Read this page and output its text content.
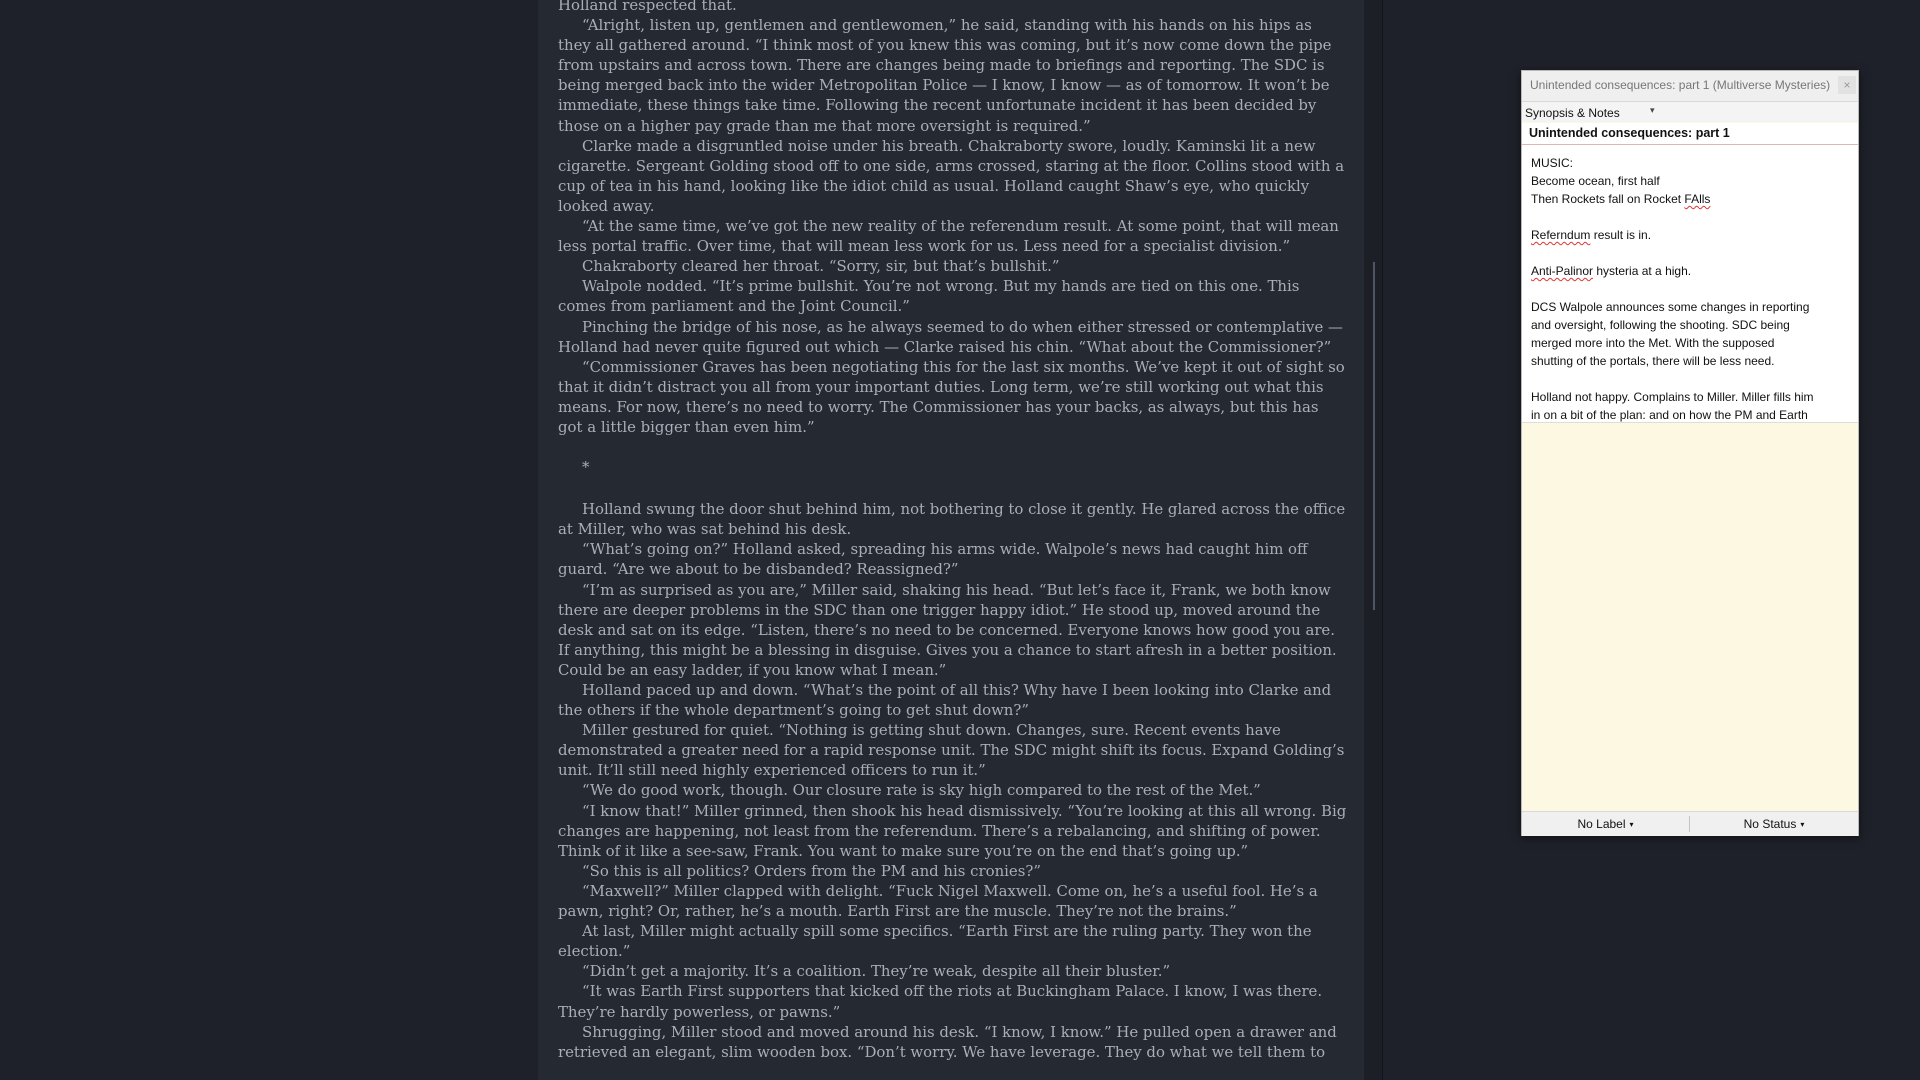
Holland respected that.

“Alright, listen up, gentlemen and gentlewomen,” he said, standing with his hands on his hips as they all gathered around. “I think most of you knew this was coming, but it’s now come down the pipe from upstairs and across town. There are changes being made to briefings and reporting. The SDC is being merged back into the wider Metropolitan Police — I know, I know — as of tomorrow. It won’t be immediate, these things take time. Following the recent unfortunate incident it has been decided by those on a higher pay grade than me that more oversight is required.”

Clarke made a disgruntled noise under his breath. Chakraborty swore, loudly. Kaminski lit a new cigarette. Sergeant Golding stood off to one side, arms crossed, staring at the floor. Collins stood with a cup of tea in his hand, looking like the idiot child as usual. Holland caught Shaw’s eye, who quickly looked away.

“At the same time, we’ve got the new reality of the referendum result. At some point, that will mean less portal traffic. Over time, that will mean less work for us. Less need for a specialist division.”

Chakraborty cleared her throat. “Sorry, sir, but that’s bullshit.”

Walpole nodded. “It’s prime bullshit. You’re not wrong. But my hands are tied on this one. This comes from parliament and the Joint Council.”

Pinching the bridge of his nose, as he always seemed to do when either stressed or contemplative — Holland had never quite figured out which — Clarke raised his chin. “What about the Commissioner?”

“Commissioner Graves has been negotiating this for the last six months. We’ve kept it out of sight so that it didn’t distract you all from your important duties. Long term, we’re still working out what this means. For now, there’s no need to worry. The Commissioner has your backs, as always, but this has got a little bigger than even him.”

*

Holland swung the door shut behind him, not bothering to close it gently. He glared across the office at Miller, who was sat behind his desk.

“What’s going on?” Holland asked, spreading his arms wide. Walpole’s news had caught him off guard. “Are we about to be disbanded? Reassigned?”

“I’m as surprised as you are,” Miller said, shaking his head. “But let’s face it, Frank, we both know there are deeper problems in the SDC than one trigger happy idiot.” He stood up, moved around the desk and sat on its edge. “Listen, there’s no need to be concerned. Everyone knows how good you are. If anything, this might be a blessing in disguise. Gives you a chance to start afresh in a better position. Could be an easy ladder, if you know what I mean.”

Holland paced up and down. “What’s the point of all this? Why have I been looking into Clarke and the others if the whole department’s going to get shut down?”

Miller gestured for quiet. “Nothing is getting shut down. Changes, sure. Recent events have demonstrated a greater need for a rapid response unit. The SDC might shift its focus. Expand Golding’s unit. It’ll still need highly experienced officers to run it.”

“We do good work, though. Our closure rate is sky high compared to the rest of the Met.”

“I know that!” Miller grinned, then shook his head dismissively. “You’re looking at this all wrong. Big changes are happening, not least from the referendum. There’s a rebalancing, and shifting of power. Think of it like a see-saw, Frank. You want to make sure you’re on the end that’s going up.”

“So this is all politics? Orders from the PM and his cronies?”

“Maxwell?” Miller clapped with delight. “Fuck Nigel Maxwell. Come on, he’s a useful fool. He’s a pawn, right? Or, rather, he’s a mouth. Earth First are the muscle. They’re not the brains.”

At last, Miller might actually spill some specifics. “Earth First are the ruling party. They won the election.”

“Didn’t get a majority. It’s a coalition. They’re weak, despite all their bluster.”

“It was Earth First supporters that kicked off the riots at Buckingham Palace. I know, I was there. They’re hardly powerless, or pawns.”

Shrugging, Miller stood and moved around his desk. “I know, I know.” He pulled open a drawer and retrieved an elegant, slim wooden box. “Don’t worry. We have leverage. They do what we tell them to

Unintended consequences: part 1 (Multiverse Mysteries)	×
Synopsis & Notes	▾
Unintended consequences: part 1

MUSIC:

Become ocean, first half

Then Rockets fall on Rocket FAlls

Referndum result is in.

Anti-Palinor hysteria at a high.

DCS Walpole announces some changes in reporting

and oversight, following the shooting. SDC being

merged more into the Met. With the supposed

shutting of the portals, there will be less need.

Holland not happy. Complains to Miller. Miller fills him

in on a bit of the plan: and on how the PM and Earth

No Label ▾	No Status ▾
